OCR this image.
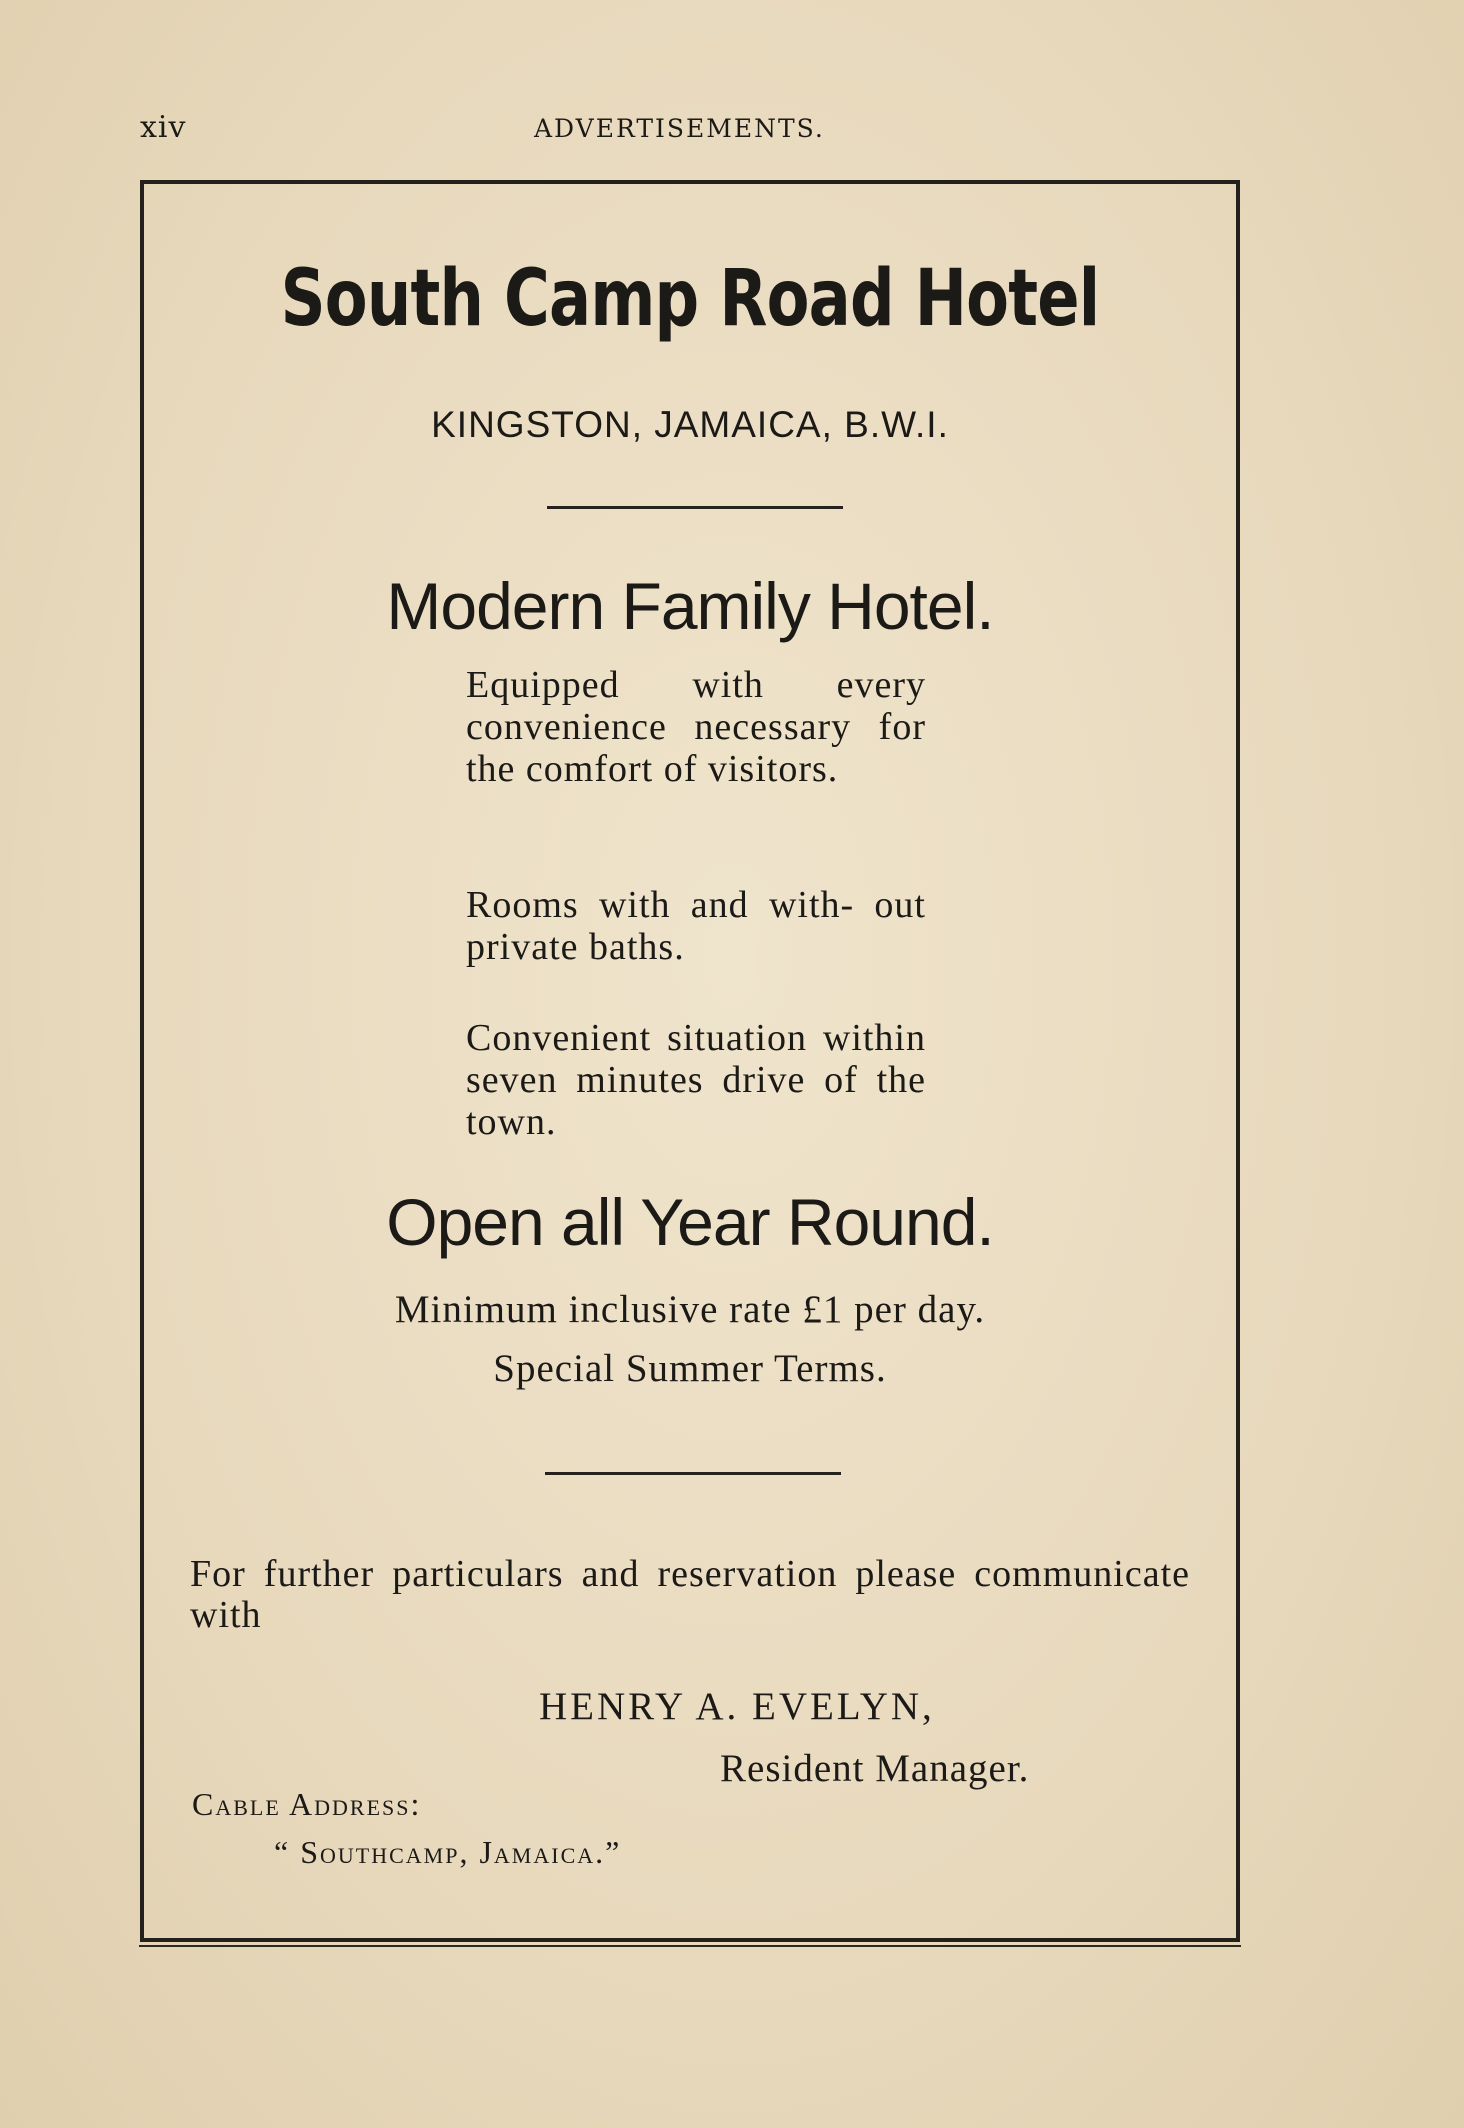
xiv	ADVERTISEMENTS.
South Camp Road Hotel
KINGSTON, JAMAICA, B.W.I.
Modern Family Hotel.
Equipped with every convenience necessary for the comfort of visitors.
Rooms with and with- out private baths.
Convenient situation within seven minutes drive of the town.
Open all Year Round.
Minimum inclusive rate £1 per day.
Special Summer Terms.
For further particulars and reservation please communicate with
HENRY A. EVELYN,
Resident Manager.
Cable Address:
“ Southcamp, Jamaica.”
